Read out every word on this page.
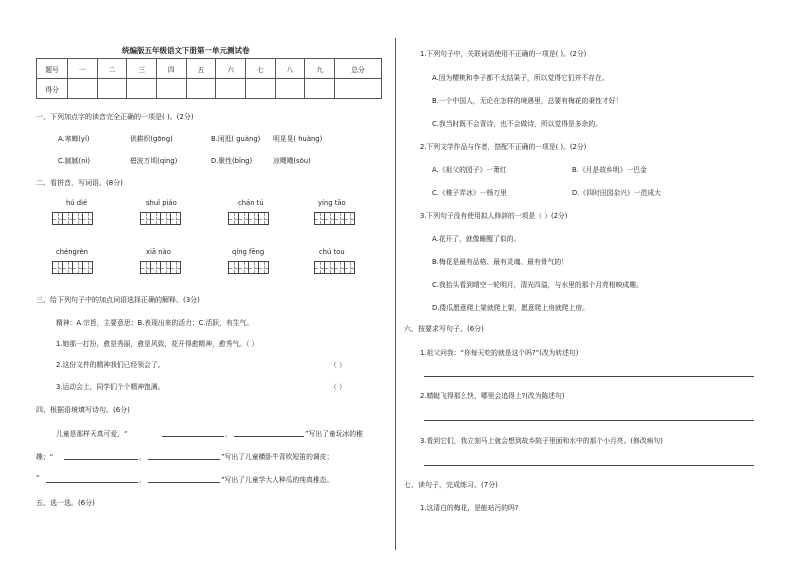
统编版五年级语文下册第一单元测试卷
题号	一	二	三	四	五	六	七	八	九	总分
得分										
一、下列加点字的读音完全正确的一项是( )。(2分)
A.寒蝉(yí)	供耕织(gōng)	B.闲逛( guàng) 明晃晃( huàng)
C.腻腻(nì)	碧波万顷(qing)	D.聚性(bǐng)	凉飕飕(sōu)
二、看拼音，写词语。(8分)
hú dié	shuǐ piáo	chán tú	yíng tāo
chéngrèn	xiā nào	qíng fēng	chú tou
三、给下列句子中的加点词语选择正确的解释。(3分)
精神：A.宗旨，主要意思；B.表现出来的活力；C.活跃，有生气。
1.她那一打扮，愈是秀丽，愈是风致，花开得愈精神，愈秀气。（ ）
2.这份文件的精神我们已经领会了。	（ ）
3.运动会上，同学们个个精神饱满。	（ ）
四、根据语境填写诗句。(6分)
儿童是那样天真可爱，“	，	”写出了童玩冰的稚
趣；“	，	”写出了儿童横卧牛背吹短笛的调皮；
“	，	”写出了儿童学大人种瓜的纯真稚态。
五、选一选。(6分)
1.下列句子中，关联词语使用不正确的一项是( )。(2分)
A.因为樱桃和李子都不太结果子，所以觉得它们并不存在。
B.一个中国人，无论在怎样的境遇里，总要有梅花的秉性才好！
C.我当时既不会背诗，也不会做诗，所以觉得是多余的。
2.下列文学作品与作者，搭配不正确的一项是( )。(2分)
A.《祖父的园子》一萧红	B.《月是故乡明》一巴金
C.《稚子弄冰》一杨万里	D.《四时田园杂兴》一范成大
3.下列句子没有使用拟人修辞的一项是（ ）(2分)
A.花开了，就像睡醒了似的。
B.梅花是最有品格、最有灵魂、最有骨气的！
C.我抬头看到晴空一轮明月，清光四溢，与水里的那个月亮相映成趣。
D.倭瓜愿意爬上架就爬上架，愿意爬上房就爬上房。
六、按要求写句子。(6分)
1.祖父问我：“你每天吃的就是这个吗?”(改为转述句)
2.蜻蜓飞得那么快，哪里会追得上?(改为陈述句)
3.看到它们，我立刻马上就会想到故乡院子里面和水中的那个小月亮。(修改病句)
七、读句子，完成练习。(7分)
1.这清白的梅花，是能玷污的吗?
